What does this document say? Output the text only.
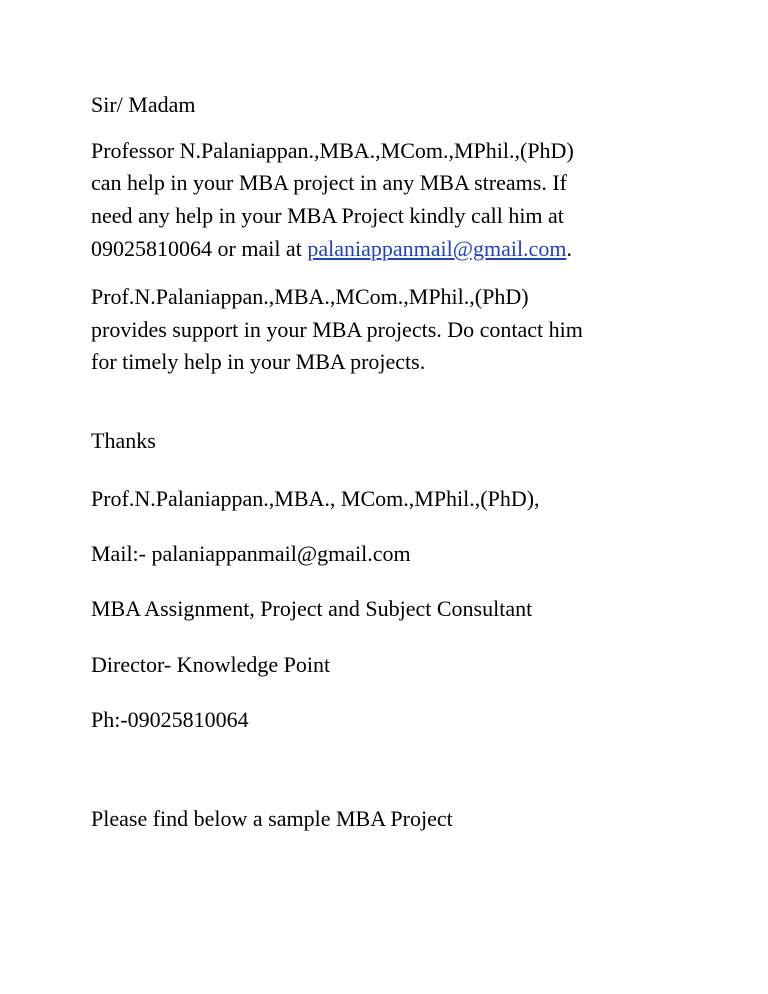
Sir/ Madam
Professor N.Palaniappan.,MBA.,MCom.,MPhil.,(PhD)
can help in your MBA project in any MBA streams. If
need any help in your MBA Project kindly call him at
09025810064 or mail at palaniappanmail@gmail.com.
Prof.N.Palaniappan.,MBA.,MCom.,MPhil.,(PhD)
provides support in your MBA projects. Do contact him
for timely help in your MBA projects.
Thanks
Prof.N.Palaniappan.,MBA., MCom.,MPhil.,(PhD),
Mail:- palaniappanmail@gmail.com
MBA Assignment, Project and Subject Consultant
Director- Knowledge Point
Ph:-09025810064
Please find below a sample MBA Project
